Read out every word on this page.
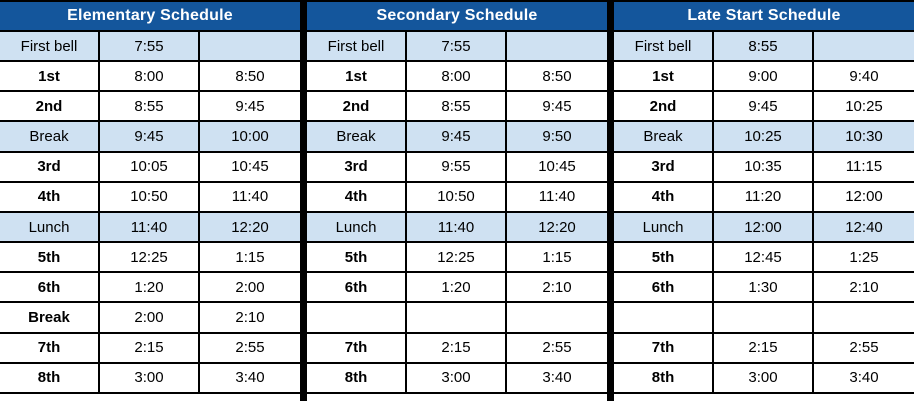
Elementary Schedule
First bell	7:55
1st	8:00	8:50
2nd	8:55	9:45
Break	9:45	10:00
3rd	10:05	10:45
4th	10:50	11:40
Lunch	11:40	12:20
5th	12:25	1:15
6th	1:20	2:00
Break	2:00	2:10
7th	2:15	2:55
8th	3:00	3:40
Secondary Schedule
First bell	7:55
1st	8:00	8:50
2nd	8:55	9:45
Break	9:45	9:50
3rd	9:55	10:45
4th	10:50	11:40
Lunch	11:40	12:20
5th	12:25	1:15
6th	1:20	2:10
7th	2:15	2:55
8th	3:00	3:40
Late Start Schedule
First bell	8:55
1st	9:00	9:40
2nd	9:45	10:25
Break	10:25	10:30
3rd	10:35	11:15
4th	11:20	12:00
Lunch	12:00	12:40
5th	12:45	1:25
6th	1:30	2:10
7th	2:15	2:55
8th	3:00	3:40
